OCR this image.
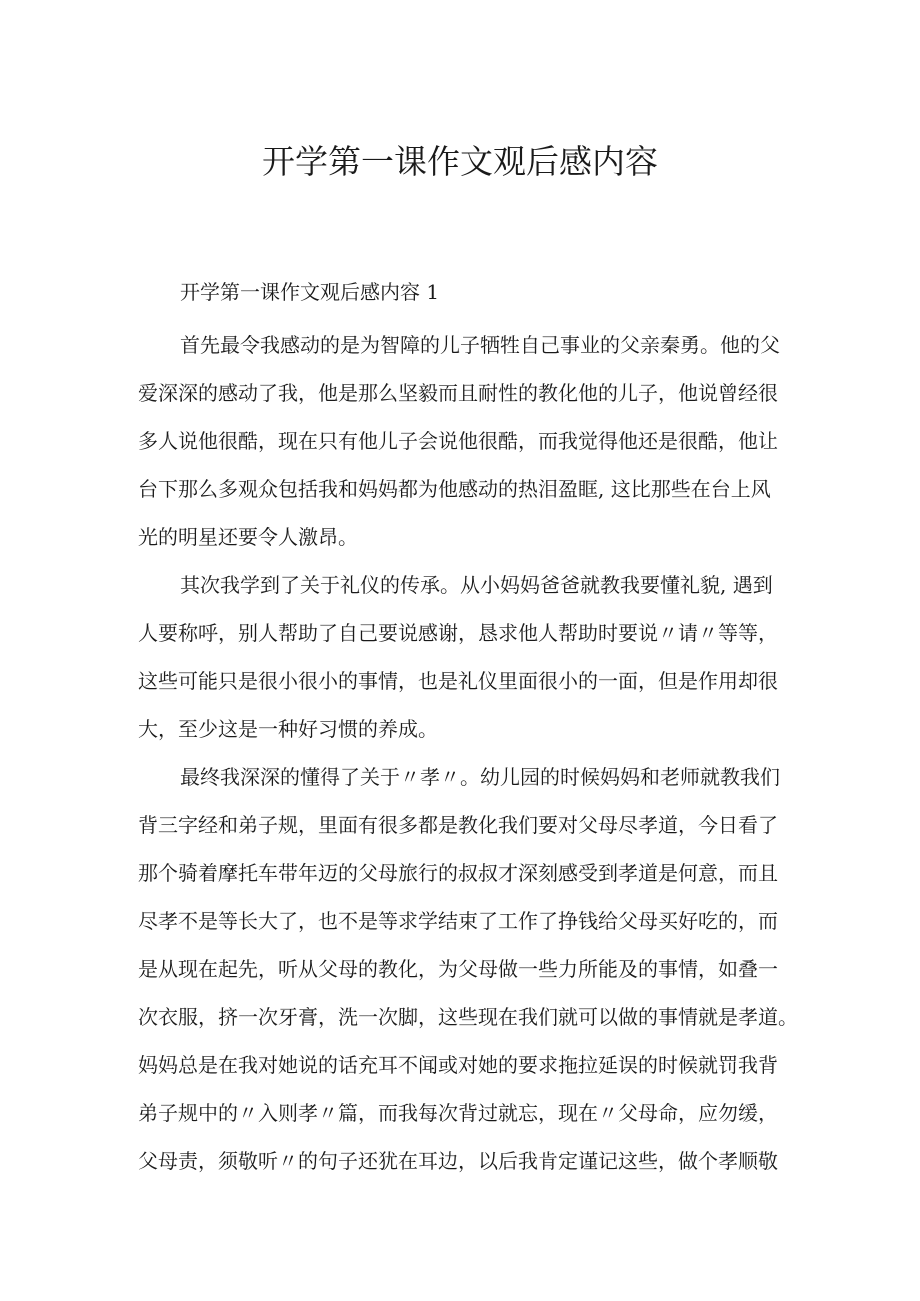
开学第一课作文观后感内容
开学第一课作文观后感内容 1

首先最令我感动的是为智障的儿子牺牲自己事业的父亲秦勇。他的父
爱深深的感动了我，他是那么坚毅而且耐性的教化他的儿子，他说曾经很
多人说他很酷，现在只有他儿子会说他很酷，而我觉得他还是很酷，他让
台下那么多观众包括我和妈妈都为他感动的热泪盈眶, 这比那些在台上风
光的明星还要令人激昂。

其次我学到了关于礼仪的传承。从小妈妈爸爸就教我要懂礼貌, 遇到
人要称呼，别人帮助了自己要说感谢，恳求他人帮助时要说〃请〃等等，
这些可能只是很小很小的事情，也是礼仪里面很小的一面，但是作用却很
大，至少这是一种好习惯的养成。

最终我深深的懂得了关于〃孝〃。幼儿园的时候妈妈和老师就教我们
背三字经和弟子规，里面有很多都是教化我们要对父母尽孝道，今日看了
那个骑着摩托车带年迈的父母旅行的叔叔才深刻感受到孝道是何意，而且
尽孝不是等长大了，也不是等求学结束了工作了挣钱给父母买好吃的，而
是从现在起先，听从父母的教化，为父母做一些力所能及的事情，如叠一
次衣服，挤一次牙膏，洗一次脚，这些现在我们就可以做的事情就是孝道。
妈妈总是在我对她说的话充耳不闻或对她的要求拖拉延误的时候就罚我背
弟子规中的〃入则孝〃篇，而我每次背过就忘，现在〃父母命，应勿缓，
父母责，须敬听〃的句子还犹在耳边，以后我肯定谨记这些，做个孝顺敬
